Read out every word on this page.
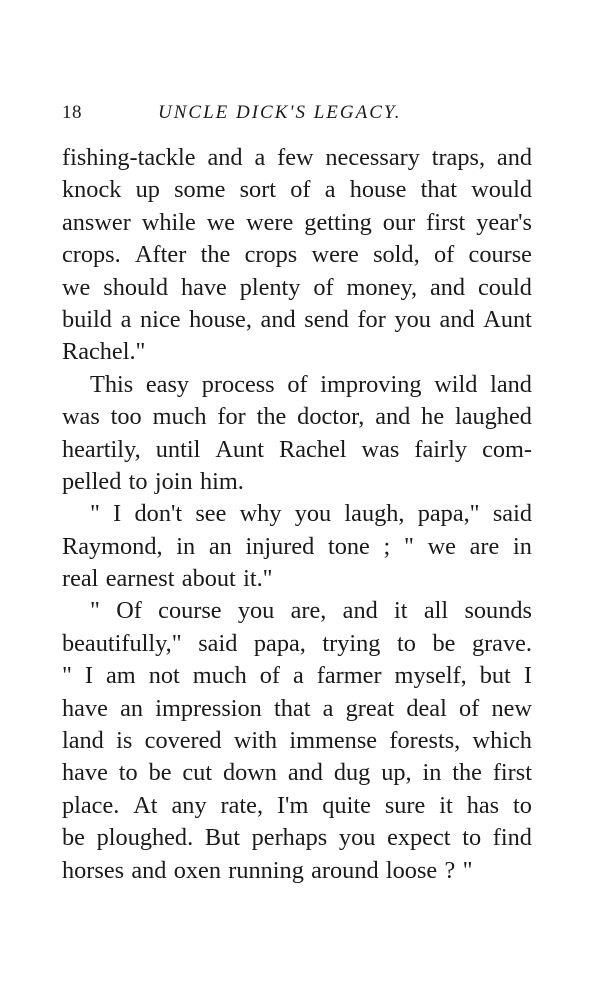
18	UNCLE DICK'S LEGACY.
fishing-tackle and a few necessary traps, and
knock up some sort of a house that would
answer while we were getting our first year's
crops. After the crops were sold, of course
we should have plenty of money, and could
build a nice house, and send for you and Aunt
Rachel."
This easy process of improving wild land
was too much for the doctor, and he laughed
heartily, until Aunt Rachel was fairly com-
pelled to join him.
" I don't see why you laugh, papa," said
Raymond, in an injured tone ; " we are in
real earnest about it."
" Of course you are, and it all sounds
beautifully," said papa, trying to be grave.
" I am not much of a farmer myself, but I
have an impression that a great deal of new
land is covered with immense forests, which
have to be cut down and dug up, in the first
place. At any rate, I'm quite sure it has to
be ploughed. But perhaps you expect to find
horses and oxen running around loose ? "
